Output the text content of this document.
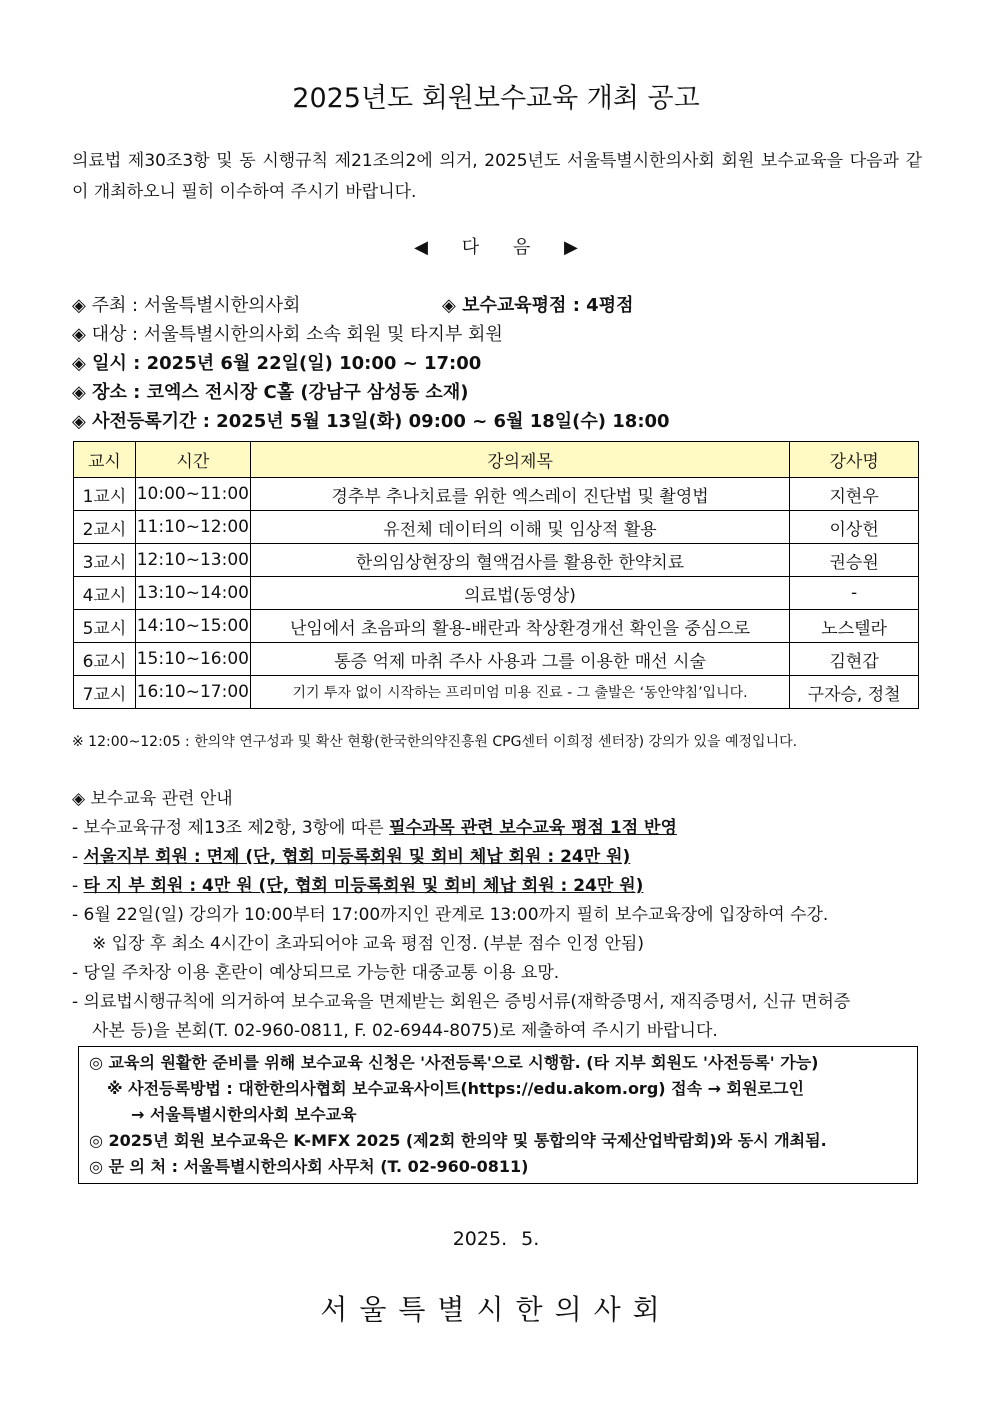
2025년도 회원보수교육 개최 공고
의료법 제30조3항 및 동 시행규칙 제21조의2에 의거, 2025년도 서울특별시한의사회 회원 보수교육을 다음과 같이 개최하오니 필히 이수하여 주시기 바랍니다.
◀ 다 음 ▶
◈ 주최 : 서울특별시한의사회	◈ 보수교육평점 : 4평점
◈ 대상 : 서울특별시한의사회 소속 회원 및 타지부 회원
◈ 일시 : 2025년 6월 22일(일) 10:00 ~ 17:00
◈ 장소 : 코엑스 전시장 C홀 (강남구 삼성동 소재)
◈ 사전등록기간 : 2025년 5월 13일(화) 09:00 ~ 6월 18일(수) 18:00
교시	시간	강의제목	강사명
1교시	10:00~11:00	경추부 추나치료를 위한 엑스레이 진단법 및 촬영법	지현우
2교시	11:10~12:00	유전체 데이터의 이해 및 임상적 활용	이상헌
3교시	12:10~13:00	한의임상현장의 혈액검사를 활용한 한약치료	권승원
4교시	13:10~14:00	의료법(동영상)	-
5교시	14:10~15:00	난임에서 초음파의 활용-배란과 착상환경개선 확인을 중심으로	노스텔라
6교시	15:10~16:00	통증 억제 마취 주사 사용과 그를 이용한 매선 시술	김현갑
7교시	16:10~17:00	기기 투자 없이 시작하는 프리미엄 미용 진료 - 그 출발은 ‘동안약침’입니다.	구자승, 정철
※ 12:00~12:05 : 한의약 연구성과 및 확산 현황(한국한의약진흥원 CPG센터 이희정 센터장) 강의가 있을 예정입니다.
◈ 보수교육 관련 안내
- 보수교육규정 제13조 제2항, 3항에 따른 필수과목 관련 보수교육 평점 1점 반영
- 서울지부 회원 : 면제 (단, 협회 미등록회원 및 회비 체납 회원 : 24만 원)
- 타 지 부 회원 : 4만 원 (단, 협회 미등록회원 및 회비 체납 회원 : 24만 원)
- 6월 22일(일) 강의가 10:00부터 17:00까지인 관계로 13:00까지 필히 보수교육장에 입장하여 수강.
※ 입장 후 최소 4시간이 초과되어야 교육 평점 인정. (부분 점수 인정 안됨)
- 당일 주차장 이용 혼란이 예상되므로 가능한 대중교통 이용 요망.
- 의료법시행규칙에 의거하여 보수교육을 면제받는 회원은 증빙서류(재학증명서, 재직증명서, 신규 면허증
사본 등)을 본회(T. 02-960-0811, F. 02-6944-8075)로 제출하여 주시기 바랍니다.
◎ 교육의 원활한 준비를 위해 보수교육 신청은 '사전등록'으로 시행함. (타 지부 회원도 '사전등록' 가능)
※ 사전등록방법 : 대한한의사협회 보수교육사이트(https://edu.akom.org) 접속 → 회원로그인
→ 서울특별시한의사회 보수교육
◎ 2025년 회원 보수교육은 K-MFX 2025 (제2회 한의약 및 통합의약 국제산업박람회)와 동시 개최됨.
◎ 문 의 처 : 서울특별시한의사회 사무처 (T. 02-960-0811)
2025. 5.
서울특별시한의사회
